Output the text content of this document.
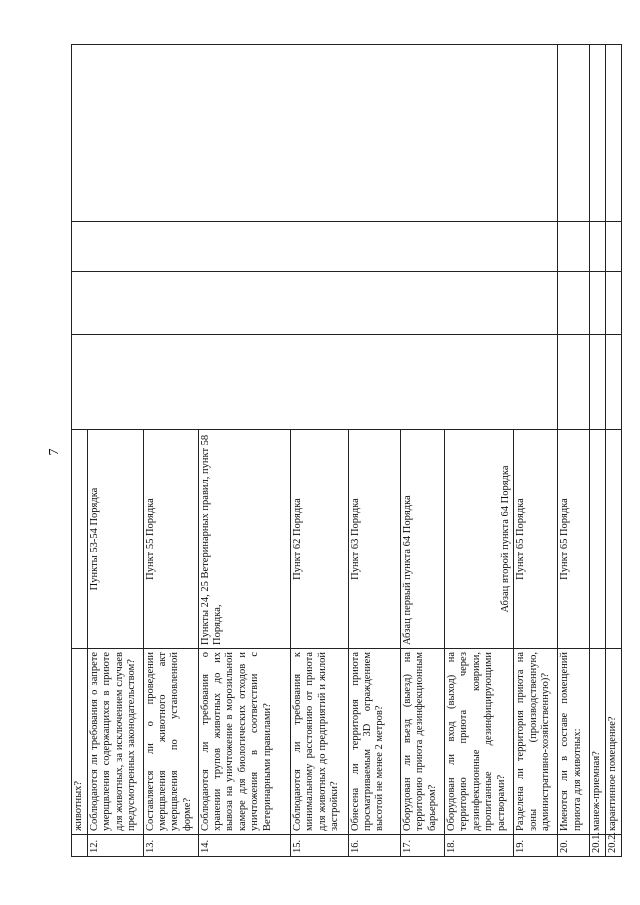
7
	животных?					
12.	Соблюдаются ли требования о запрете умерщвления содержащихся в приюте для животных, за исключением случаев предусмотренных законодательством?	Пункты 53-54 Порядка				
13.	Составляется ли о проведении умерщвления животного акт умерщвления по установленной форме?	Пункт 55 Порядка				
14.	Соблюдаются ли требования о хранении трупов животных до их вывоза на уничтожение в морозильной камере для биологических отходов и уничтожения в соответствии с Ветеринарными правилами?	Пункты 24, 25 Ветеринарных правил, пункт 58 Порядка,				
15.	Соблюдаются ли требования к минимальному расстоянию от приюта для животных до предприятий и жилой застройки?	Пункт 62 Порядка				
16.	Обнесена ли территория приюта просматриваемым 3D ограждением высотой не менее 2 метров?	Пункт 63 Порядка				
17.	Оборудован ли въезд (выезд) на территорию приюта дезинфекционным барьером?	Абзац первый пункта 64 Порядка				
18.	Оборудован ли вход (выход) на территорию приюта через дезинфекционные коврики, пропитанные дезинфицирующими растворами?	Абзац второй пункта 64 Порядка				
19.	Разделена ли территория приюта на зоны (производственную, административно-хозяйственную)?	Пункт 65 Порядка				
20.	Имеются ли в составе помещений приюта для животных:	Пункт 65 Порядка				
20.1.	манеж-приемная?					
20.2.	карантинное помещение?					
